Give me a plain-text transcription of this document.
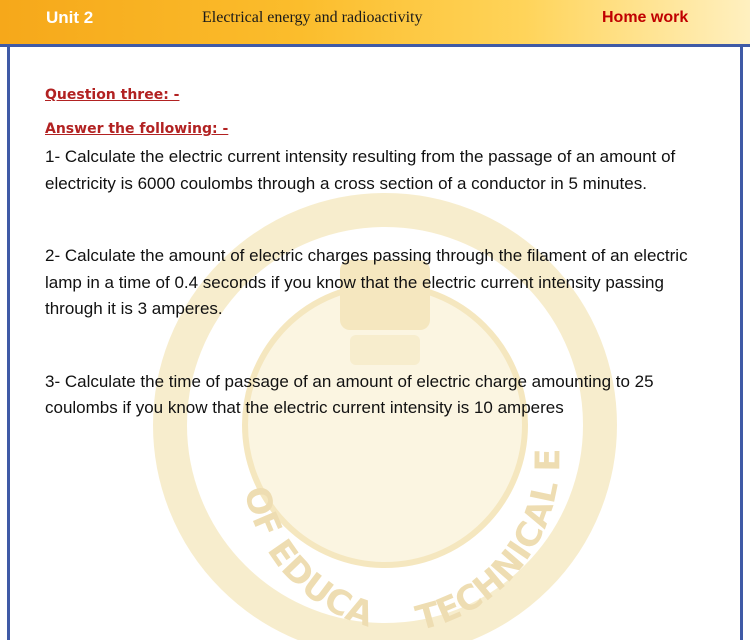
Unit 2	Electrical energy and radioactivity	Home work
OF EDUCA TECHNICAL E
Question three: -
Answer the following: -

1- Calculate the electric current intensity resulting from the passage of an amount of electricity is 6000 coulombs through a cross section of a conductor in 5 minutes.

2- Calculate the amount of electric charges passing through the filament of an electric lamp in a time of 0.4 seconds if you know that the electric current intensity passing through it is 3 amperes.

3- Calculate the time of passage of an amount of electric charge amounting to 25 coulombs if you know that the electric current intensity is 10 amperes
